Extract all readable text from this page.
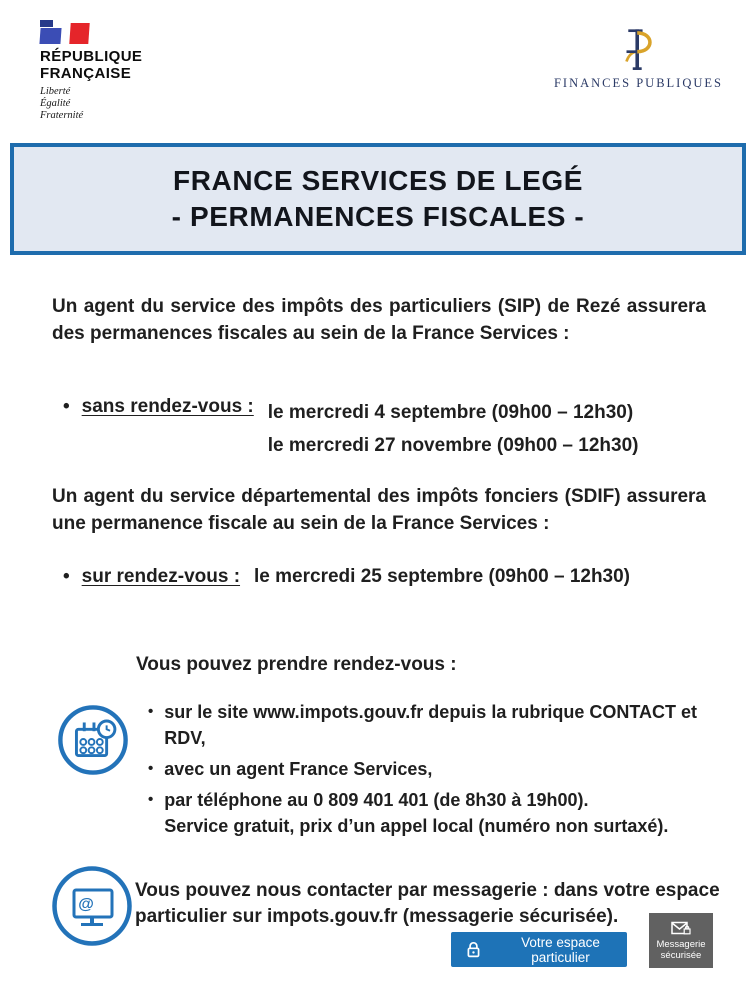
RÉPUBLIQUE
FRANÇAISE
Liberté
Égalité
Fraternité
FINANCES PUBLIQUES
FRANCE SERVICES DE LEGÉ
- PERMANENCES FISCALES -
Un agent du service des impôts des particuliers (SIP) de Rezé assurera des permanences fiscales au sein de la France Services :
• sans rendez-vous : le mercredi 4 septembre (09h00 – 12h30)
le mercredi 27 novembre (09h00 – 12h30)
Un agent du service départemental des impôts fonciers (SDIF) assurera une permanence fiscale au sein de la France Services :
• sur rendez-vous : le mercredi 25 septembre (09h00 – 12h30)
Vous pouvez prendre rendez-vous :
• sur le site www.impots.gouv.fr depuis la rubrique CONTACT et RDV,
• avec un agent France Services,
• par téléphone au 0 809 401 401 (de 8h30 à 19h00).
Service gratuit, prix d’un appel local (numéro non surtaxé).
@
Vous pouvez nous contacter par messagerie : dans votre espace
particulier sur impots.gouv.fr (messagerie sécurisée).
Votre espace particulier
Messagerie
sécurisée
